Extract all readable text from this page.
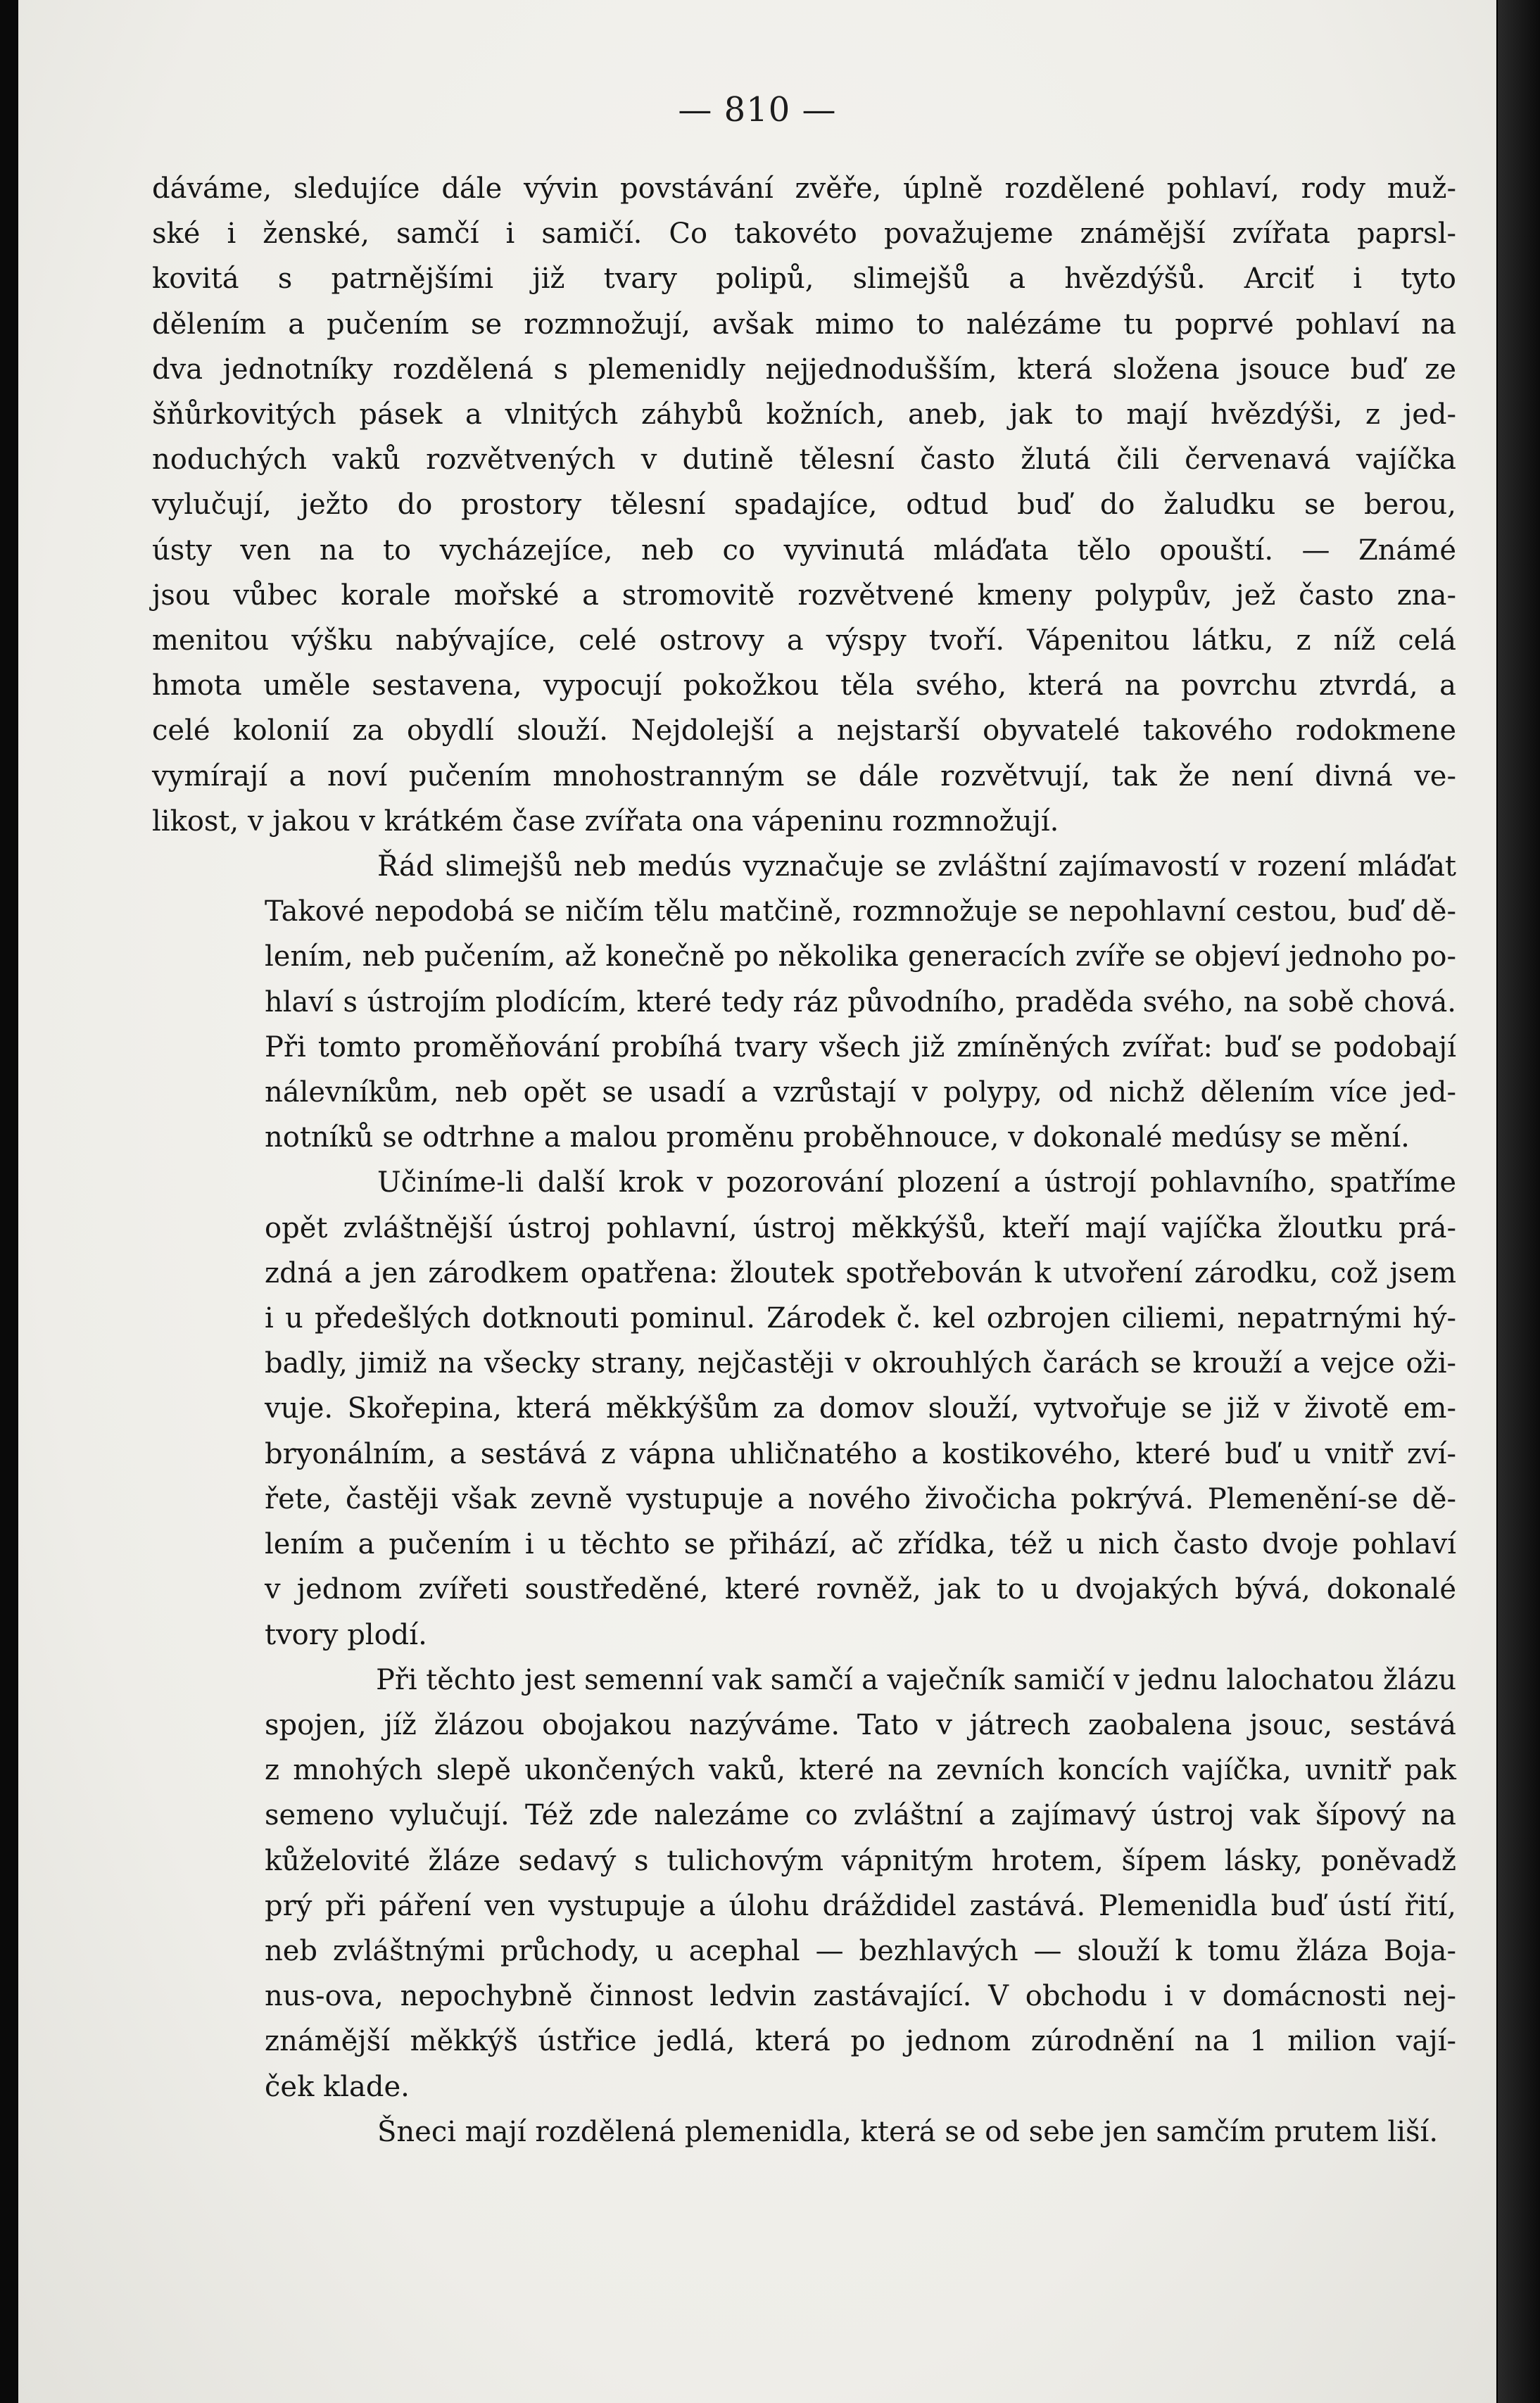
— 810 —
dáváme, sledujíce dále vývin povstávání zvěře, úplně rozdělené pohlaví, rody muž-
ské i ženské, samčí i samičí. Co takovéto považujeme známější zvířata paprsl-
kovitá s patrnějšími již tvary polipů, slimejšů a hvězdýšů. Arciť i tyto
dělením a pučením se rozmnožují, avšak mimo to nalézáme tu poprvé pohlaví na
dva jednotníky rozdělená s plemenidly nejjednodušším, která složena jsouce buď ze
šňůrkovitých pásek a vlnitých záhybů kožních, aneb, jak to mají hvězdýši, z jed-
noduchých vaků rozvětvených v dutině tělesní často žlutá čili červenavá vajíčka
vylučují, ježto do prostory tělesní spadajíce, odtud buď do žaludku se berou,
ústy ven na to vycházejíce, neb co vyvinutá mláďata tělo opouští. — Známé
jsou vůbec korale mořské a stromovitě rozvětvené kmeny polypův, jež často zna-
menitou výšku nabývajíce, celé ostrovy a výspy tvoří. Vápenitou látku, z níž celá
hmota uměle sestavena, vypocují pokožkou těla svého, která na povrchu ztvrdá, a
celé kolonií za obydlí slouží. Nejdolejší a nejstarší obyvatelé takového rodokmene
vymírají a noví pučením mnohostranným se dále rozvětvují, tak že není divná ve-
likost, v jakou v krátkém čase zvířata ona vápeninu rozmnožují.
Řád slimejšů neb medús vyznačuje se zvláštní zajímavostí v rození mláďat
Takové nepodobá se ničím tělu matčině, rozmnožuje se nepohlavní cestou, buď dě-
lením, neb pučením, až konečně po několika generacích zvíře se objeví jednoho po-
hlaví s ústrojím plodícím, které tedy ráz původního, praděda svého, na sobě chová.
Při tomto proměňování probíhá tvary všech již zmíněných zvířat: buď se podobají
nálevníkům, neb opět se usadí a vzrůstají v polypy, od nichž dělením více jed-
notníků se odtrhne a malou proměnu proběhnouce, v dokonalé medúsy se mění.
Učiníme-li další krok v pozorování plození a ústrojí pohlavního, spatříme
opět zvláštnější ústroj pohlavní, ústroj měkkýšů, kteří mají vajíčka žloutku prá-
zdná a jen zárodkem opatřena: žloutek spotřebován k utvoření zárodku, což jsem
i u předešlých dotknouti pominul. Zárodek č. kel ozbrojen ciliemi, nepatrnými hý-
badly, jimiž na všecky strany, nejčastěji v okrouhlých čarách se krouží a vejce oži-
vuje. Skořepina, která měkkýšům za domov slouží, vytvořuje se již v životě em-
bryonálním, a sestává z vápna uhličnatého a kostikového, které buď u vnitř zví-
řete, častěji však zevně vystupuje a nového živočicha pokrývá. Plemenění-se dě-
lením a pučením i u těchto se přihází, ač zřídka, též u nich často dvoje pohlaví
v jednom zvířeti soustředěné, které rovněž, jak to u dvojakých bývá, dokonalé
tvory plodí.
Při těchto jest semenní vak samčí a vaječník samičí v jednu lalochatou žlázu
spojen, jíž žlázou obojakou nazýváme. Tato v játrech zaobalena jsouc, sestává
z mnohých slepě ukončených vaků, které na zevních koncích vajíčka, uvnitř pak
semeno vylučují. Též zde nalezáme co zvláštní a zajímavý ústroj vak šípový na
kůželovité žláze sedavý s tulichovým vápnitým hrotem, šípem lásky, poněvadž
prý při páření ven vystupuje a úlohu dráždidel zastává. Plemenidla buď ústí řití,
neb zvláštnými průchody, u acephal — bezhlavých — slouží k tomu žláza Boja-
nus-ova, nepochybně činnost ledvin zastávající. V obchodu i v domácnosti nej-
známější měkkýš ústřice jedlá, která po jednom zúrodnění na 1 milion vají-
ček klade.
Šneci mají rozdělená plemenidla, která se od sebe jen samčím prutem liší.
